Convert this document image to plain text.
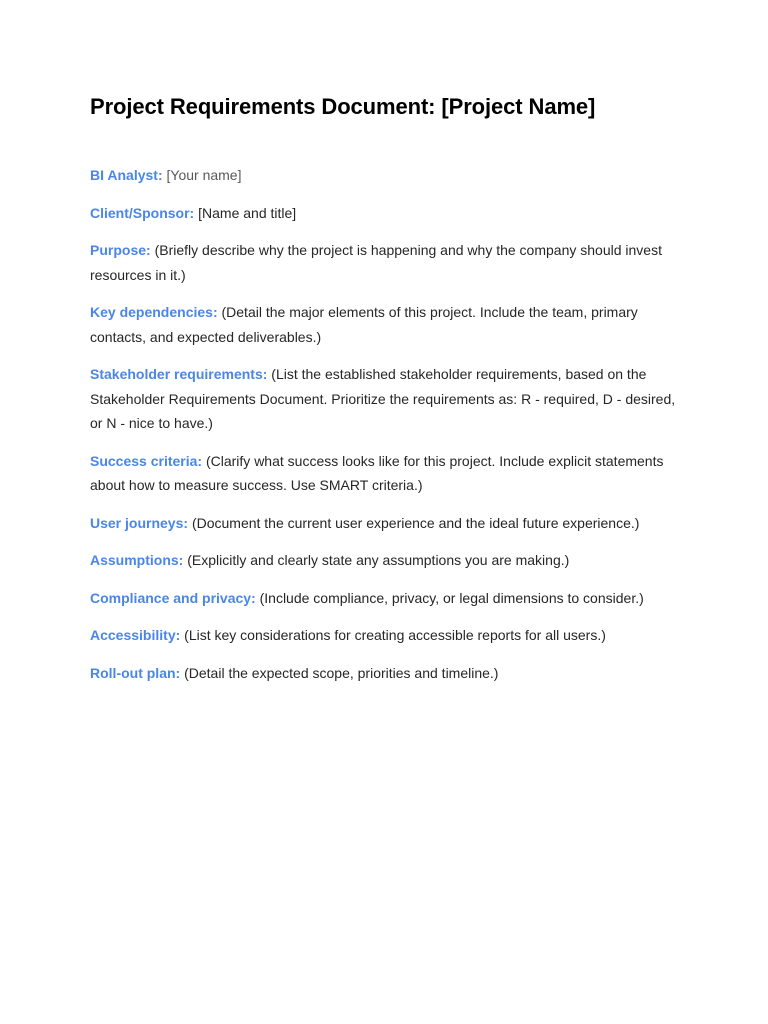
Project Requirements Document: [Project Name]

BI Analyst: [Your name]

Client/Sponsor: [Name and title]

Purpose: (Briefly describe why the project is happening and why the company should invest resources in it.)

Key dependencies: (Detail the major elements of this project. Include the team, primary contacts, and expected deliverables.)

Stakeholder requirements: (List the established stakeholder requirements, based on the Stakeholder Requirements Document. Prioritize the requirements as: R - required, D - desired, or N - nice to have.)

Success criteria: (Clarify what success looks like for this project. Include explicit statements about how to measure success. Use SMART criteria.)

User journeys: (Document the current user experience and the ideal future experience.)

Assumptions: (Explicitly and clearly state any assumptions you are making.)

Compliance and privacy: (Include compliance, privacy, or legal dimensions to consider.)

Accessibility: (List key considerations for creating accessible reports for all users.)

Roll-out plan: (Detail the expected scope, priorities and timeline.)
